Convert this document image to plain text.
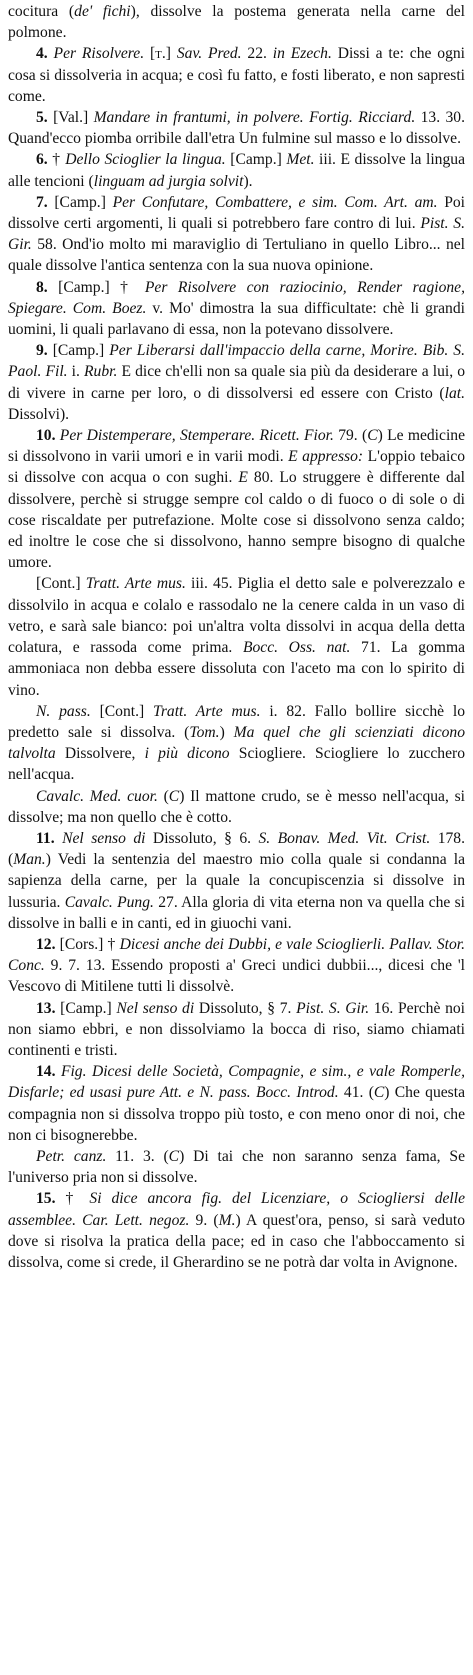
cocitura (de' fichi), dissolve la postema generata nella carne del polmone.

4. Per Risolvere. [t.] Sav. Pred. 22. in Ezech. Dissi a te: che ogni cosa si dissolveria in acqua; e così fu fatto, e fosti liberato, e non sapresti come.

5. [Val.] Mandare in frantumi, in polvere. Fortig. Ricciard. 13. 30. Quand'ecco piomba orribile dall'etra Un fulmine sul masso e lo dissolve.

6. † Dello Scioglier la lingua. [Camp.] Met. iii. E dissolve la lingua alle tencioni (linguam ad jurgia solvit).

7. [Camp.] Per Confutare, Combattere, e sim. Com. Art. am. Poi dissolve certi argomenti, li quali si potrebbero fare contro di lui. Pist. S. Gir. 58. Ond'io molto mi maraviglio di Tertuliano in quello Libro... nel quale dissolve l'antica sentenza con la sua nuova opinione.

8. [Camp.] † Per Risolvere con raziocinio, Render ragione, Spiegare. Com. Boez. v. Mo' dimostra la sua difficultate: chè li grandi uomini, li quali parlavano di essa, non la potevano dissolvere.

9. [Camp.] Per Liberarsi dall'impaccio della carne, Morire. Bib. S. Paol. Fil. i. Rubr. E dice ch'elli non sa quale sia più da desiderare a lui, o di vivere in carne per loro, o di dissolversi ed essere con Cristo (lat. Dissolvi).

10. Per Distemperare, Stemperare. Ricett. Fior. 79. (C) Le medicine si dissolvono in varii umori e in varii modi. E appresso: L'oppio tebaico si dissolve con acqua o con sughi. E 80. Lo struggere è differente dal dissolvere, perchè si strugge sempre col caldo o di fuoco o di sole o di cose riscaldate per putrefazione. Molte cose si dissolvono senza caldo; ed inoltre le cose che si dissolvono, hanno sempre bisogno di qualche umore.

[Cont.] Tratt. Arte mus. iii. 45. Piglia el detto sale e polverezzalo e dissolvilo in acqua e colalo e rassodalo ne la cenere calda in un vaso di vetro, e sarà sale bianco: poi un'altra volta dissolvi in acqua della detta colatura, e rassoda come prima. Bocc. Oss. nat. 71. La gomma ammoniaca non debba essere dissoluta con l'aceto ma con lo spirito di vino.

N. pass. [Cont.] Tratt. Arte mus. i. 82. Fallo bollire sicchè lo predetto sale si dissolva. (Tom.) Ma quel che gli scienziati dicono talvolta Dissolvere, i più dicono Sciogliere. Sciogliere lo zucchero nell'acqua.

Cavalc. Med. cuor. (C) Il mattone crudo, se è messo nell'acqua, si dissolve; ma non quello che è cotto.

11. Nel senso di Dissoluto, § 6. S. Bonav. Med. Vit. Crist. 178. (Man.) Vedi la sentenzia del maestro mio colla quale si condanna la sapienza della carne, per la quale la concupiscenzia si dissolve in lussuria. Cavalc. Pung. 27. Alla gloria di vita eterna non va quella che si dissolve in balli e in canti, ed in giuochi vani.

12. [Cors.] † Dicesi anche dei Dubbi, e vale Scioglierli. Pallav. Stor. Conc. 9. 7. 13. Essendo proposti a' Greci undici dubbii..., dicesi che 'l Vescovo di Mitilene tutti li dissolvè.

13. [Camp.] Nel senso di Dissoluto, § 7. Pist. S. Gir. 16. Perchè noi non siamo ebbri, e non dissolviamo la bocca di riso, siamo chiamati continenti e tristi.

14. Fig. Dicesi delle Società, Compagnie, e sim., e vale Romperle, Disfarle; ed usasi pure Att. e N. pass. Bocc. Introd. 41. (C) Che questa compagnia non si dissolva troppo più tosto, e con meno onor di noi, che non ci bisognerebbe.

Petr. canz. 11. 3. (C) Di tai che non saranno senza fama, Se l'universo pria non si dissolve.

15. † Si dice ancora fig. del Licenziare, o Sciogliersi delle assemblee. Car. Lett. negoz. 9. (M.) A quest'ora, penso, si sarà veduto dove si risolva la pratica della pace; ed in caso che l'abboccamento si dissolva, come si crede, il Gherardino se ne potrà dar volta in Avignone.
